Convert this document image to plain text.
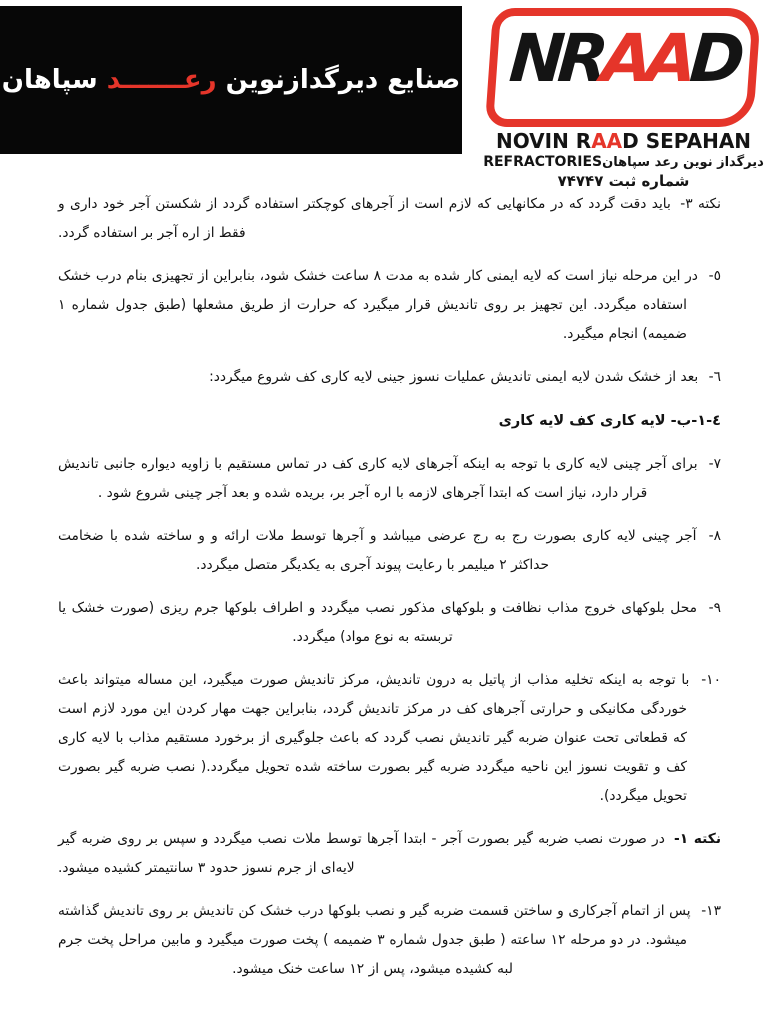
صنایع دیرگدازنوین
رعـــــــد
سپاهان	NRAAD
NOVIN RAAD SEPAHAN
REFRACTORIESدیرگداز نوین رعد سپاهان
شماره ثبت ۷۴۷۴۷

نکته ٣- باید دقت گردد که در مکانهایی که لازم است از آجرهای کوچکتر استفاده گردد از شکستن آجر خود داری و فقط از اره آجر بر استفاده گردد.

٥- در این مرحله نیاز است که لایه ایمنی کار شده به مدت ٨ ساعت خشک شود، بنابراین از تجهیزی بنام درب خشک استفاده میگردد. این تجهیز بر روی تاندیش قرار میگیرد که حرارت از طریق مشعلها (طبق جدول شماره ١ ضمیمه) انجام میگیرد.

٦- بعد از خشک شدن لایه ایمنی تاندیش عملیات نسوز جینی لایه کاری کف شروع میگردد:

٤-١-ب- لایه کاری کف لایه کاری

٧- برای آجر چینی لایه کاری با توجه به اینکه آجرهای لایه کاری کف در تماس مستقیم با زاویه دیواره جانبی تاندیش قرار دارد، نیاز است که ابتدا آجرهای لازمه با اره آجر بر، بریده شده و بعد آجر چینی شروع شود .

٨- آجر چینی لایه کاری بصورت رج به رج عرضی میباشد و آجرها توسط ملات ارائه و و ساخته شده با ضخامت حداکثر ٢ میلیمر با رعایت پیوند آجری به یکدیگر متصل میگردد.

٩- محل بلوکهای خروج مذاب نظافت و بلوکهای مذکور نصب میگردد و اطراف بلوکها جرم ریزی (صورت خشک یا تربسته به نوع مواد) میگردد.

١٠- با توجه به اینکه تخلیه مذاب از پاتیل به درون تاندیش، مرکز تاندیش صورت میگیرد، این مساله میتواند باعث خوردگی مکانیکی و حرارتی آجرهای کف در مرکز تاندیش گردد، بنابراین جهت مهار کردن این مورد لازم است که قطعاتی تحت عنوان ضربه گیر تاندیش نصب گردد که باعث جلوگیری از برخورد مستقیم مذاب با لایه کاری کف و تقویت نسوز این ناحیه میگردد ضربه گیر بصورت ساخته شده تحویل میگردد.( نصب ضربه گیر بصورت تحویل میگردد).

نکته ١- در صورت نصب ضربه گیر بصورت آجر - ابتدا آجرها توسط ملات نصب میگردد و سپس بر روی ضربه گیر لایه‌ای از جرم نسوز حدود ٣ سانتیمتر کشیده میشود.

١٣- پس از اتمام آجرکاری و ساختن قسمت ضربه گیر و نصب بلوکها درب خشک کن تاندیش بر روی تاندیش گذاشته میشود. در دو مرحله ١٢ ساعته ( طبق جدول شماره ٣ ضمیمه ) پخت صورت میگیرد و مابین مراحل پخت جرم لبه کشیده میشود، پس از ١٢ ساعت خنک میشود.
